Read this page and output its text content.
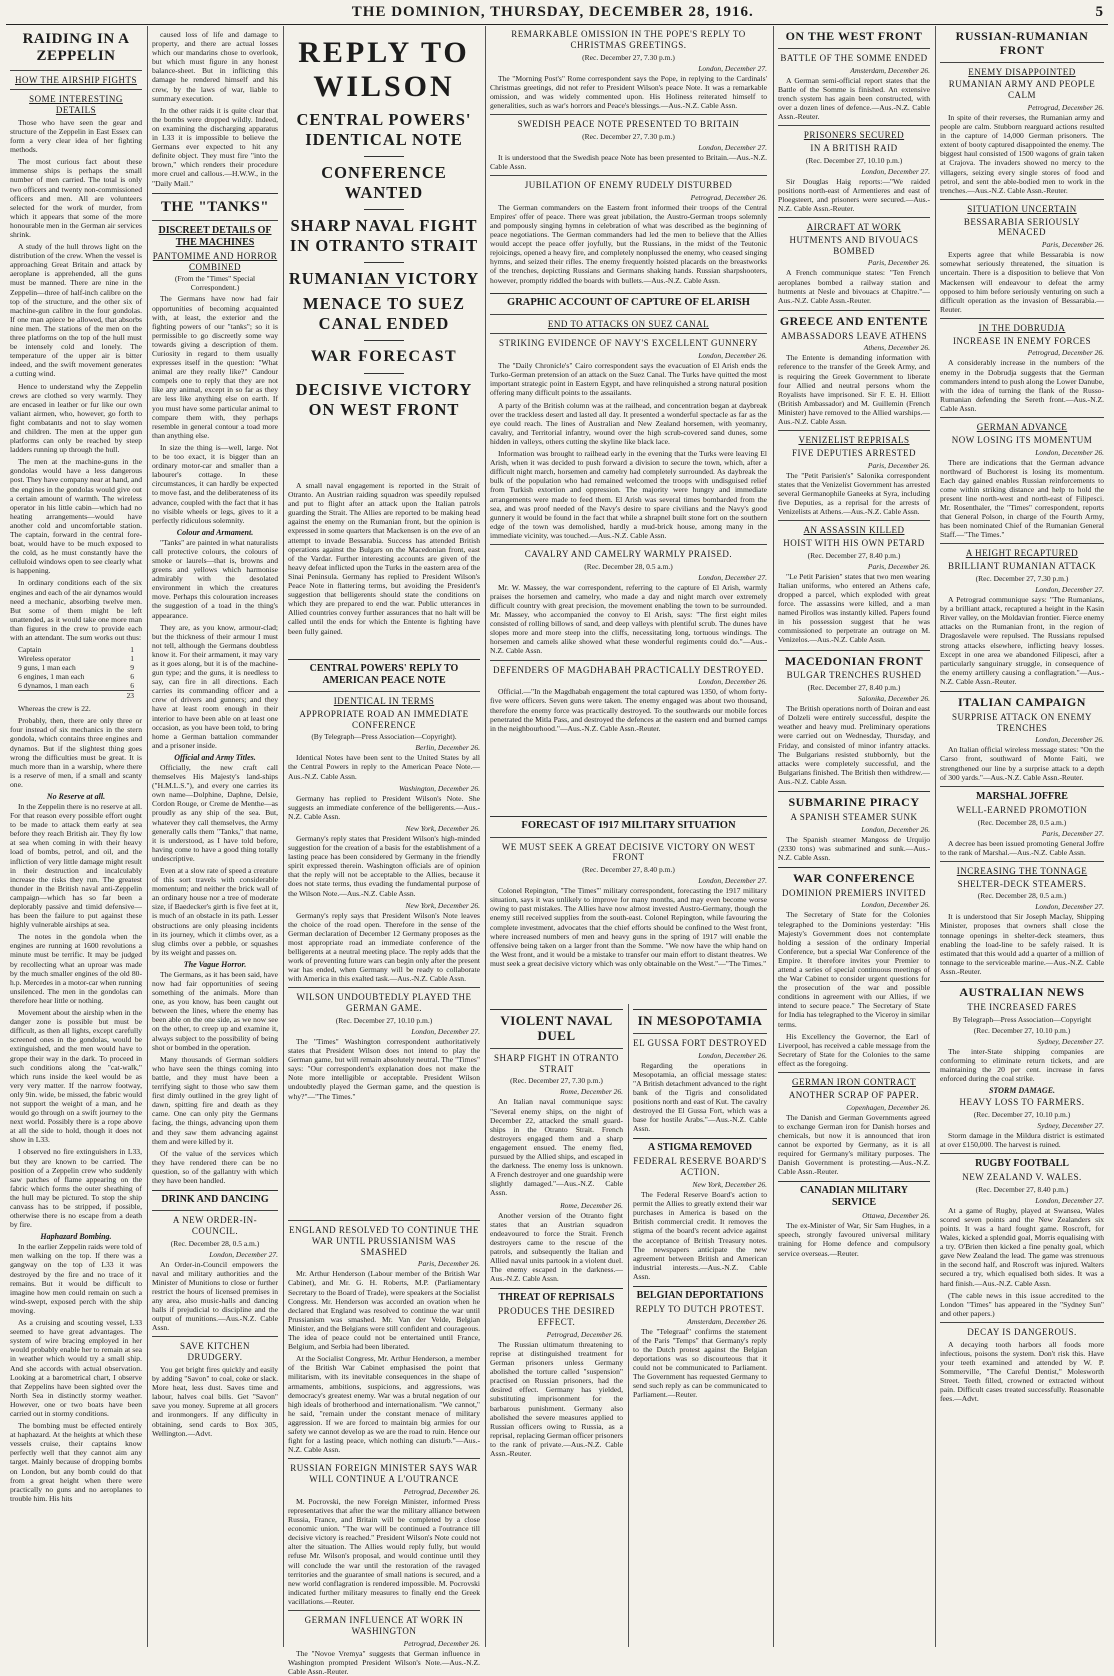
THE DOMINION, THURSDAY, DECEMBER 28, 1916.	5
RAIDING IN A ZEPPELIN
HOW THE AIRSHIP FIGHTS
SOME INTERESTING DETAILS

Those who have seen the gear and structure of the Zeppelin in East Essex can form a very clear idea of her fighting methods.

The most curious fact about these immense ships is perhaps the small number of men carried. The total is only two officers and twenty non-commissioned officers and men. All are volunteers selected for the work of murder, from which it appears that some of the more honourable men in the German air services shrink.

A study of the hull throws light on the distribution of the crew. When the vessel is approaching Great Britain and attack by aeroplane is apprehended, all the guns must be manned. There are nine in the Zeppelin—three of half-inch calibre on the top of the structure, and the other six of machine-gun calibre in the four gondolas. If one man apiece be allowed, that absorbs nine men. The stations of the men on the three platforms on the top of the hull must be intensely cold and lonely. The temperature of the upper air is bitter indeed, and the swift movement generates a cutting wind.

Hence to understand why the Zeppelin crews are clothed so very warmly. They are encased in leather or fur like our own valiant airmen, who, however, go forth to fight combatants and not to slay women and children. The men at the upper gun platforms can only be reached by steep ladders running up through the hull.

The men at the machine-guns in the gondolas would have a less dangerous post. They have company near at hand, and the engines in the gondolas would give out a certain amount of warmth. The wireless operator in his little cabin—which had no heating arrangements—would have another cold and uncomfortable station. The captain, forward in the central fore-boat, would have to be much exposed to the cold, as he must constantly have the celluloid windows open to see clearly what is happening.

In ordinary conditions each of the six engines and each of the air dynamos would need a mechanic, absorbing twelve men. But some of them might be left unattended, as it would take one more man than figures in the crew to provide each with an attendant. The sum works out thus:

Captain	1
Wireless operator	1
9 guns, 1 man each	9
6 engines, 1 man each	6
6 dynamos, 1 man each	6
23

Whereas the crew is 22.

Probably, then, there are only three or four instead of six mechanics in the stern gondola, which contains three engines and dynamos. But if the slightest thing goes wrong the difficulties must be great. It is much more than in a warship, where there is a reserve of men, if a small and scanty one.

No Reserve at all.

In the Zeppelin there is no reserve at all. For that reason every possible effort ought to be made to attack them early at sea before they reach British air. They fly low at sea when coming in with their heavy load of bombs, petrol, and oil, and the infliction of very little damage might result in their destruction and incalculably increase the risks they run. The greatest thunder in the British naval anti-Zeppelin campaign—which has so far been a deplorably passive and timid defensive—has been the failure to put against these highly vulnerable airships at sea.

The notes in the gondola when the engines are running at 1600 revolutions a minute must be terrific. It may be judged by recollecting what an uproar was made by the much smaller engines of the old 80-h.p. Mercedes in a motor-car when running unsilenced. The men in the gondolas can therefore hear little or nothing.

Movement about the airship when in the danger zone is possible but must be difficult, as then all lights, except carefully screened ones in the gondolas, would be extinguished, and the men would have to grope their way in the dark. To proceed in such conditions along the "cat-walk," which runs inside the keel would be as very very matter. If the narrow footway, only 9in. wide, be missed, the fabric would not support the weight of a man, and he would go through on a swift journey to the next world. Possibly there is a rope above at all the side to hold, though it does not show in L33.

I observed no fire extinguishers in L33, but they are known to be carried. The position of a Zeppelin crew who suddenly saw patches of flame appearing on the fabric which forms the outer sheathing of the hull may be pictured. To stop the ship canvass has to be stripped, if possible, otherwise there is no escape from a death by fire.

Haphazard Bombing.

In the earlier Zeppelin raids were told of men walking on the top. If there was a gangway on the top of L33 it was destroyed by the fire and no trace of it remains. But it would be difficult to imagine how men could remain on such a wind-swept, exposed perch with the ship moving.

As a cruising and scouting vessel, L33 seemed to have great advantages. The system of wire bracing employed in her would probably enable her to remain at sea in weather which would try a small ship. And she accords with actual observation. Looking at a barometrical chart, I observe that Zeppelins have been sighted over the North Sea in distinctly stormy weather. However, one or two boats have been carried out in stormy conditions.

The bombing must be effected entirely at haphazard. At the heights at which these vessels cruise, their captains know perfectly well that they cannot aim any target. Mainly because of dropping bombs on London, but any bomb could do that from a great height when there were practically no guns and no aeroplanes to trouble him. His hits

caused loss of life and damage to property, and there are actual losses which our mandarins chose to overlook, but which must figure in any honest balance-sheet. But in inflicting this damage he rendered himself and his crew, by the laws of war, liable to summary execution.

In the other raids it is quite clear that the bombs were dropped wildly. Indeed, on examining the discharging apparatus in L33 it is impossible to believe the Germans ever expected to hit any definite object. They must fire "into the brown," which renders their procedure more cruel and callous.—H.W.W., in the "Daily Mail."

THE "TANKS"
DISCREET DETAILS OF THE MACHINES
PANTOMIME AND HORROR COMBINED
(From the "Times" Special Correspondent.)

The Germans have now had fair opportunities of becoming acquainted with, at least, the exterior and the fighting powers of our "tanks"; so it is permissible to go discreetly some way towards giving a description of them. Curiosity in regard to them usually expresses itself in the question: "What animal are they really like?" Candour compels one to reply that they are not like any animal, except in so far as they are less like anything else on earth. If you must have some particular animal to compare them with, they perhaps resemble in general contour a toad more than anything else.

In size the thing is—well, large. Not to be too exact, it is bigger than an ordinary motor-car and smaller than a labourer's cottage. In these circumstances, it can hardly be expected to move fast, and the deliberateness of its advance, coupled with the fact that it has no visible wheels or legs, gives to it a perfectly ridiculous solemnity.

Colour and Armament.

"Tanks" are painted in what naturalists call protective colours, the colours of smoke or laurels—that is, browns and greens and yellows which harmonise admirably with the desolated environment in which the creatures move. Perhaps this colouration increases the suggestion of a toad in the thing's appearance.

They are, as you know, armour-clad; but the thickness of their armour I must not tell, although the Germans doubtless know it. For their armament, it may vary as it goes along, but it is of the machine-gun type; and the guns, it is needless to say, can fire in all directions. Each carries its commanding officer and a crew of drivers and gunners; and they have at least room enough in their interior to have been able on at least one occasion, as you have been told, to bring home a German battalion commander and a prisoner inside.

Official and Army Titles.

Officially, the new craft call themselves His Majesty's land-ships ("H.M.L.S."), and every one carries its own name—Dolphine, Daphne, Delsie, Cordon Rouge, or Creme de Menthe—as proudly as any ship of the sea. But, whatever they call themselves, the Army generally calls them "Tanks," that name, it is understood, as I have told before, having come to have a good thing totally undescriptive.

Even at a slow rate of speed a creature of this sort travels with considerable momentum; and neither the brick wall of an ordinary house nor a tree of moderate size, if Baedecker's girth is five feet at it, is much of an obstacle in its path. Lesser obstructions are only pleasing incidents in its journey, which it climbs over, as a slug climbs over a pebble, or squashes by its weight and passes on.

The Vague Horror.

The Germans, as it has been said, have now had fair opportunities of seeing something of the animals. More than one, as you know, has been caught out between the lines, where the enemy has been able on the one side, as we now see on the other, to creep up and examine it, always subject to the possibility of being shot or bombed in the operation.

Many thousands of German soldiers who have seen the things coming into battle, and they must have been a terrifying sight to those who saw them first dimly outlined in the grey light of dawn, spitting fire and death as they came. One can only pity the Germans facing, the things, advancing upon them and they saw them advancing against them and were killed by it.

Of the value of the services which they have rendered there can be no question, so of the gallantry with which they have been handled.

DRINK AND DANCING
A NEW ORDER-IN-COUNCIL.
(Rec. December 28, 0.5 a.m.)
London, December 27.

An Order-in-Council empowers the naval and military authorities and the Minister of Munitions to close or further restrict the hours of licensed premises in any area, also music-halls and dancing halls if prejudicial to discipline and the output of munitions.—Aus.-N.Z. Cable Assn.

SAVE KITCHEN DRUDGERY.

You get bright fires quickly and easily by adding "Savon" to coal, coke or slack. More heat, less dust. Saves time and labour, halves coal bills. Get "Savon" save you money. Supreme at all grocers and ironmongers. If any difficulty in obtaining, send cards to Box 305, Wellington.—Advt.

REPLY TO WILSON
CENTRAL POWERS' IDENTICAL NOTE
CONFERENCE WANTED
SHARP NAVAL FIGHT IN OTRANTO STRAIT
RUMANIAN VICTORY
MENACE TO SUEZ CANAL ENDED
WAR FORECAST
DECISIVE VICTORY ON WEST FRONT
REMARKABLE OMISSION IN THE POPE'S REPLY TO CHRISTMAS GREETINGS.
(Rec. December 27, 7.30 p.m.)
London, December 27.

The "Morning Post's" Rome correspondent says the Pope, in replying to the Cardinals' Christmas greetings, did not refer to President Wilson's peace Note. It was a remarkable omission, and was widely commented upon. His Holiness reiterated himself to generalities, such as war's horrors and Peace's blessings.—Aus.-N.Z. Cable Assn.

SWEDISH PEACE NOTE PRESENTED TO BRITAIN
(Rec. December 27, 7.30 p.m.)
London, December 27.

It is understood that the Swedish peace Note has been presented to Britain.—Aus.-N.Z. Cable Assn.

JUBILATION OF ENEMY RUDELY DISTURBED
Petrograd, December 26.

The German commanders on the Eastern front informed their troops of the Central Empires' offer of peace. There was great jubilation, the Austro-German troops solemnly and pompously singing hymns in celebration of what was described as the beginning of peace negotiations. The German commanders had led the men to believe that the Allies would accept the peace offer joyfully, but the Russians, in the midst of the Teutonic rejoicings, opened a heavy fire, and completely nonplussed the enemy, who ceased singing hymns, and seized their rifles. The enemy frequently hoisted placards on the breastworks of the trenches, depicting Russians and Germans shaking hands. Russian sharpshooters, however, promptly riddled the boards with bullets.—Aus.-N.Z. Cable Assn.

GRAPHIC ACCOUNT OF CAPTURE OF EL ARISH
END TO ATTACKS ON SUEZ CANAL
STRIKING EVIDENCE OF NAVY'S EXCELLENT GUNNERY
London, December 26.

The "Daily Chronicle's" Cairo correspondent says the evacuation of El Arish ends the Turko-German pretension of an attack on the Suez Canal. The Turks have quitted the most important strategic point in Eastern Egypt, and have relinquished a strong natural position offering many difficult points to the assailants.

A party of the British column was at the railhead, and concentration began at daybreak over the trackless desert and lasted all day. It presented a wonderful spectacle as far as the eye could reach. The lines of Australian and New Zealand horsemen, with yeomanry, cavalry, and Territorial infantry, wound over the high scrub-covered sand dunes, some hidden in valleys, others cutting the skyline like black lace.

Information was brought to railhead early in the evening that the Turks were leaving El Arish, when it was decided to push forward a division to secure the town, which, after a difficult night march, horsemen and camelry had completely surrounded. As daybreak the bulk of the population who had remained welcomed the troops with undisguised relief from Turkish extortion and oppression. The majority were hungry and immediate arrangements were made to feed them. El Arish was several times bombarded from the sea, and was proof needed of the Navy's desire to spare civilians and the Navy's good gunnery it would be found in the fact that while a shrapnel built stone fort on the southern edge of the town was demolished, hardly a mud-brick house, among many in the immediate vicinity, was touched.—Aus.-N.Z. Cable Assn.

CAVALRY AND CAMELRY WARMLY PRAISED.
(Rec. December 28, 0.5 a.m.)
London, December 27.

Mr. W. Massey, the war correspondent, referring to the capture of El Arish, warmly praises the horsemen and camelry, who made a day and night march over extremely difficult country with great precision, the movement enabling the town to be surrounded. Mr. Massey, who accompanied the convoy to El Arish, says: "The first eight miles consisted of rolling billows of sand, and deep valleys with plentiful scrub. The dunes have slopes more and more steep into the cliffs, necessitating long, tortuous windings. The horsemen and camels alike showed what these wonderful regiments could do."—Aus.-N.Z. Cable Assn.

DEFENDERS OF MAGDHABAH PRACTICALLY DESTROYED.
London, December 26.

Official.—"In the Magdhabah engagement the total captured was 1350, of whom forty-five were officers. Seven guns were taken. The enemy engaged was about two thousand, therefore the enemy force was practically destroyed. To the southwards our mobile forces penetrated the Mitla Pass, and destroyed the defences at the eastern end and burned camps in the neighbourhood."—Aus.-N.Z. Cable Assn.-Reuter.

FORECAST OF 1917 MILITARY SITUATION
WE MUST SEEK A GREAT DECISIVE VICTORY ON WEST FRONT
(Rec. December 27, 8.40 p.m.)
London, December 27.

Colonel Repington, "The Times'" military correspondent, forecasting the 1917 military situation, says it was unlikely to improve for many months, and may even become worse owing to past mistakes. The Allies have now almost invested Austro-Germany, though the enemy still received supplies from the south-east. Colonel Repington, while favouring the complete investment, advocates that the chief efforts should be confined to the West front, where increased numbers of men and heavy guns in the spring of 1917 will enable the offensive being taken on a larger front than the Somme. "We now have the whip hand on the West front, and it would be a mistake to transfer our main effort to distant theatres. We must seek a great decisive victory which was only obtainable on the West."—"The Times."

A small naval engagement is reported in the Strait of Otranto. An Austrian raiding squadron was speedily repulsed and put to flight after an attack upon the Italian patrols guarding the Strait. The Allies are reported to be making head against the enemy on the Rumanian front, but the opinion is expressed in some quarters that Mackensen is on the eve of an attempt to invade Bessarabia. Success has attended British operations against the Bulgars on the Macedonian front, east of the Vardar. Further interesting accounts are given of the heavy defeat inflicted upon the Turks in the eastern area of the Sinai Peninsula. Germany has replied to President Wilson's Peace Note in flattering terms, but avoiding the President's suggestion that belligerents should state the conditions on which they are prepared to end the war. Public utterances in Allied countries convey further assurances that no halt will be called until the ends for which the Entente is fighting have been fully gained.

CENTRAL POWERS' REPLY TO AMERICAN PEACE NOTE
IDENTICAL IN TERMS
APPROPRIATE ROAD AN IMMEDIATE CONFERENCE
(By Telegraph—Press Association—Copyright).
Berlin, December 26.

Identical Notes have been sent to the United States by all the Central Powers in reply to the American Peace Note.—Aus.-N.Z. Cable Assn.

Washington, December 26.

Germany has replied to President Wilson's Note. She suggests an immediate conference of the belligerents.—Aus.-N.Z. Cable Assn.

New York, December 26.

Germany's reply states that President Wilson's high-minded suggestion for the creation of a basis for the establishment of a lasting peace has been considered by Germany in the friendly spirit expressed therein. Washington officials are of opinion that the reply will not be acceptable to the Allies, because it does not state terms, thus evading the fundamental purpose of the Wilson Note.—Aus.-N.Z. Cable Assn.

New York, December 26.

Germany's reply says that President Wilson's Note leaves the choice of the road open. Therefore in the sense of the German declaration of December 12 Germany proposes as the most appropriate road an immediate conference of the belligerents at a neutral meeting place. The reply adds that the work of preventing future wars can begin only after the present war has ended, when Germany will be ready to collaborate with America in this exalted task.—Aus.-N.Z. Cable Assn.

WILSON UNDOUBTEDLY PLAYED THE GERMAN GAME.
(Rec. December 27, 10.10 p.m.)
London, December 27.

The "Times" Washington correspondent authoritatively states that President Wilson does not intend to play the German game, but will remain absolutely neutral. The "Times" says: "Our correspondent's explanation does not make the Note more intelligible or acceptable. President Wilson undoubtedly played the German game, and the question is why?"—"The Times."

ENGLAND RESOLVED TO CONTINUE THE WAR UNTIL PRUSSIANISM WAS SMASHED
Paris, December 26.

Mr. Arthur Henderson (Labour member of the British War Cabinet), and Mr. G. H. Roberts, M.P. (Parliamentary Secretary to the Board of Trade), were speakers at the Socialist Congress. Mr. Henderson was accorded an ovation when he declared that England was resolved to continue the war until Prussianism was smashed. Mr. Van der Velde, Belgian Minister, and the Belgians were still confident and courageous. The idea of peace could not be entertained until France, Belgium, and Serbia had been liberated.

At the Socialist Congress, Mr. Arthur Henderson, a member of the British War Cabinet emphasised the point that militarism, with its inevitable consequences in the shape of armaments, ambitions, suspicions, and aggressions, was democracy's greatest enemy. War was a brutal negation of our high ideals of brotherhood and internationalism. "We cannot," he said, "remain under the constant menace of military aggression. If we are forced to maintain big armies for our safety we cannot develop as we are the road to ruin. Hence our fight for a lasting peace, which nothing can disturb."—Aus.-N.Z. Cable Assn.

RUSSIAN FOREIGN MINISTER SAYS WAR WILL CONTINUE A L'OUTRANCE
Petrograd, December 26.

M. Pocrovski, the new Foreign Minister, informed Press representatives that after the war the military alliance between Russia, France, and Britain will be completed by a close economic union. "The war will be continued a l'outrance till decisive victory is reached." President Wilson's Note could not alter the situation. The Allies would reply fully, but would refuse Mr. Wilson's proposal, and would continue until they will conclude the war until the restoration of the ravaged territories and the guarantee of small nations is secured, and a new world conflagration is rendered impossible. M. Pocrovski indicated further military measures to finally end the Greek vacillations.—Reuter.

GERMAN INFLUENCE AT WORK IN WASHINGTON
Petrograd, December 26.

The "Novoe Vremya" suggests that German influence in Washington prompted President Wilson's Note.—Aus.-N.Z. Cable Assn.-Reuter.

VIOLENT NAVAL DUEL
SHARP FIGHT IN OTRANTO STRAIT
(Rec. December 27, 7.30 p.m.)
Rome, December 26.

An Italian naval communique says: "Several enemy ships, on the night of December 22, attacked the small guard-ships in the Otranto Strait. French destroyers engaged them and a sharp engagement ensued. The enemy fled, pursued by the Allied ships, and escaped in the darkness. The enemy loss is unknown. A French destroyer and one guardship were slightly damaged."—Aus.-N.Z. Cable Assn.

Rome, December 26.

Another version of the Otranto fight states that an Austrian squadron endeavoured to force the Strait. French destroyers came to the rescue of the patrols, and subsequently the Italian and Allied naval units partook in a violent duel. The enemy escaped in the darkness.—Aus.-N.Z. Cable Assn.

THREAT OF REPRISALS
PRODUCES THE DESIRED EFFECT.
Petrograd, December 26.

The Russian ultimatum threatening to reprise at distinguished treatment for German prisoners unless Germany abolished the torture called "suspension" practised on Russian prisoners, had the desired effect. Germany has yielded, substituting imprisonment for the barbarous punishment. Germany also abolished the severe measures applied to Russian officers owing to Russia, as a reprisal, replacing German officer prisoners to the rank of private.—Aus.-N.Z. Cable Assn.-Reuter.

IN MESOPOTAMIA
EL GUSSA FORT DESTROYED
London, December 26.

Regarding the operations in Mesopotamia, an official message states: "A British detachment advanced to the right bank of the Tigris and consolidated positions north and east of Kut. The cavalry destroyed the El Gussa Fort, which was a base for hostile Arabs."—Aus.-N.Z. Cable Assn.

A STIGMA REMOVED
FEDERAL RESERVE BOARD'S ACTION.
New York, December 26.

The Federal Reserve Board's action to permit the Allies to greatly extend their war purchases in America is based on the British commercial credit. It removes the stigma of the board's recent advice against the acceptance of British Treasury notes. The newspapers anticipate the new agreement between British and American industrial interests.—Aus.-N.Z. Cable Assn.

BELGIAN DEPORTATIONS
REPLY TO DUTCH PROTEST.
Amsterdam, December 26.

The "Telegraaf" confirms the statement of the Paris "Temps" that Germany's reply to the Dutch protest against the Belgian deportations was so discourteous that it could not be communicated to Parliament. The Government has requested Germany to send such reply as can be communicated to Parliament.—Reuter.

ON THE WEST FRONT
BATTLE OF THE SOMME ENDED
Amsterdam, December 26.

A German semi-official report states that the Battle of the Somme is finished. An extensive trench system has again been constructed, with over a dozen lines of defence.—Aus.-N.Z. Cable Assn.-Reuter.

PRISONERS SECURED
IN A BRITISH RAID
(Rec. December 27, 10.10 p.m.)
London, December 27.

Sir Douglas Haig reports:—"We raided positions north-east of Armentieres and east of Ploegsteert, and prisoners were secured.—Aus.-N.Z. Cable Assn.-Reuter.

AIRCRAFT AT WORK
HUTMENTS AND BIVOUACS BOMBED
Paris, December 26.

A French communique states: "Ten French aeroplanes bombed a railway station and hutments at Nesle and bivouacs at Chapitre."—Aus.-N.Z. Cable Assn.-Reuter.

GREECE AND ENTENTE
AMBASSADORS LEAVE ATHENS
Athens, December 26.

The Entente is demanding information with reference to the transfer of the Greek Army, and is requiring the Greek Government to liberate four Allied and neutral persons whom the Royalists have imprisoned. Sir F. E. H. Elliott (British Ambassador) and M. Guillemin (French Minister) have removed to the Allied warships.—Aus.-N.Z. Cable Assn.

VENIZELIST REPRISALS
FIVE DEPUTIES ARRESTED
Paris, December 26.

The "Petit Parisien's" Salonika correspondent states that the Venizelist Government has arrested several Germanophile Ganeeks at Syra, including five Deputies, as a reprisal for the arrests of Venizelists at Athens.—Aus.-N.Z. Cable Assn.

AN ASSASSIN KILLED
HOIST WITH HIS OWN PETARD
(Rec. December 27, 8.40 p.m.)
Paris, December 26.

"Le Petit Parisien" states that two men wearing Italian uniforms, who entered an Athens cafe, dropped a parcel, which exploded with great force. The assassins were killed, and a man named Pirollos was instantly killed. Papers found in his possession suggest that he was commissioned to perpetrate an outrage on M. Venizelos.—Aus.-N.Z. Cable Assn.

MACEDONIAN FRONT
BULGAR TRENCHES RUSHED
(Rec. December 27, 8.40 p.m.)
Salonika, December 26.

The British operations north of Doiran and east of Dolzeli were entirely successful, despite the weather and heavy mud. Preliminary operations were carried out on Wednesday, Thursday, and Friday, and consisted of minor infantry attacks. The Bulgarians resisted stubbornly, but the attacks were completely successful, and the Bulgarians finished. The British then withdrew.—Aus.-N.Z. Cable Assn.

SUBMARINE PIRACY
A SPANISH STEAMER SUNK
London, December 26.

The Spanish steamer Mangoss de Urquijo (2330 tons) was submarined and sunk.—Aus.-N.Z. Cable Assn.

WAR CONFERENCE
DOMINION PREMIERS INVITED
London, December 26.

The Secretary of State for the Colonies telegraphed to the Dominions yesterday: "His Majesty's Government does not contemplate holding a session of the ordinary Imperial Conference, but a special War Conference of the Empire. It therefore invites your Premier to attend a series of special continuous meetings of the War Cabinet to consider urgent questions for the prosecution of the war and possible conditions in agreement with our Allies, if we intend to secure peace." The Secretary of State for India has telegraphed to the Viceroy in similar terms.

His Excellency the Governor, the Earl of Liverpool, has received a cable message from the Secretary of State for the Colonies to the same effect as the foregoing.

GERMAN IRON CONTRACT
ANOTHER SCRAP OF PAPER.
Copenhagen, December 26.

The Danish and German Governments agreed to exchange German iron for Danish horses and chemicals, but now it is announced that iron cannot be exported by Germany, as it is all required for Germany's military purposes. The Danish Government is protesting.—Aus.-N.Z. Cable Assn.-Reuter.

CANADIAN MILITARY SERVICE
Ottawa, December 26.

The ex-Minister of War, Sir Sam Hughes, in a speech, strongly favoured universal military training for Home defence and compulsory service overseas.—Reuter.

RUSSIAN-RUMANIAN FRONT
ENEMY DISAPPOINTED
RUMANIAN ARMY AND PEOPLE CALM
Petrograd, December 26.

In spite of their reverses, the Rumanian army and people are calm. Stubborn rearguard actions resulted in the capture of 14,000 German prisoners. The extent of booty captured disappointed the enemy. The biggest haul consisted of 1500 wagons of grain taken at Crajova. The invaders showed no mercy to the villagers, seizing every single stores of food and petrol, and sent the able-bodied men to work in the trenches.—Aus.-N.Z. Cable Assn.-Reuter.

SITUATION UNCERTAIN
BESSARABIA SERIOUSLY MENACED
Paris, December 26.

Experts agree that while Bessarabia is now somewhat seriously threatened, the situation is uncertain. There is a disposition to believe that Von Mackensen will endeavour to defeat the army opposed to him before seriously venturing on such a difficult operation as the invasion of Bessarabia.—Reuter.

IN THE DOBRUDJA
INCREASE IN ENEMY FORCES
Petrograd, December 26.

A considerably increase in the numbers of the enemy in the Dobrudja suggests that the German commanders intend to push along the Lower Danube, with the idea of turning the flank of the Russo-Rumanian defending the Sereth front.—Aus.-N.Z. Cable Assn.

GERMAN ADVANCE
NOW LOSING ITS MOMENTUM
London, December 26.

There are indications that the German advance northward of Buchorest is losing its momentum. Each day gained enables Russian reinforcements to come within striking distance and help to hold the present line north-west and north-east of Filipesci. Mr. Rosenthaler, the "Times" correspondent, reports that General Polson, in charge of the Fourth Army, has been nominated Chief of the Rumanian General Staff.—"The Times."

A HEIGHT RECAPTURED
BRILLIANT RUMANIAN ATTACK
(Rec. December 27, 7.30 p.m.)
London, December 27.

A Petrograd communique says: "The Rumanians, by a brilliant attack, recaptured a height in the Kasin River valley, on the Moldavian frontier. Fierce enemy attacks on the Rumanian front, in the region of Dragoslavele were repulsed. The Russians repulsed strong attacks elsewhere, inflicting heavy losses. Except in one area we abandoned Filipesci, after a particularly sanguinary struggle, in consequence of the enemy artillery causing a conflagration."—Aus.-N.Z. Cable Assn.-Reuter.

ITALIAN CAMPAIGN
SURPRISE ATTACK ON ENEMY TRENCHES
London, December 26.

An Italian official wireless message states: "On the Carso front, southward of Monte Faiti, we strengthened our line by a surprise attack to a depth of 300 yards."—Aus.-N.Z. Cable Assn.-Reuter.

MARSHAL JOFFRE
WELL-EARNED PROMOTION
(Rec. December 28, 0.5 a.m.)
Paris, December 27.

A decree has been issued promoting General Joffre to the rank of Marshal.—Aus.-N.Z. Cable Assn.

INCREASING THE TONNAGE
SHELTER-DECK STEAMERS.
(Rec. December 28, 0.5 a.m.)
London, December 27.

It is understood that Sir Joseph Maclay, Shipping Minister, proposes that owners shall close the tonnage openings in shelter-deck steamers, thus enabling the load-line to be safely raised. It is estimated that this would add a quarter of a million of tonnage to the serviceable marine.—Aus.-N.Z. Cable Assn.-Reuter.

AUSTRALIAN NEWS
THE INCREASED FARES
By Telegraph—Press Association—Copyright
(Rec. December 27, 10.10 p.m.)
Sydney, December 27.

The inter-State shipping companies are conforming to eliminate return tickets, and are maintaining the 20 per cent. increase in fares enforced during the coal strike.

STORM DAMAGE.
HEAVY LOSS TO FARMERS.
(Rec. December 27, 10.10 p.m.)
Sydney, December 27.

Storm damage in the Mildura district is estimated at over £150,000. The harvest is ruined.

RUGBY FOOTBALL
NEW ZEALAND V. WALES.
(Rec. December 27, 8.40 p.m.)
London, December 27.

At a game of Rugby, played at Swansea, Wales scored seven points and the New Zealanders six points. It was a hard fought game. Roscroft, for Wales, kicked a splendid goal, Morris equalising with a try. O'Brien then kicked a fine penalty goal, which gave New Zealand the lead. The game was strenuous in the second half, and Roscroft was injured. Walters secured a try, which equalised both sides. It was a hard finish.—Aus.-N.Z. Cable Assn.

(The cable news in this issue accredited to the London "Times" has appeared in the "Sydney Sun" and other papers.)

DECAY IS DANGEROUS.

A decaying tooth harbors all foods more infectious, poisons the system. Don't risk this. Have your teeth examined and attended by W. P. Sommerville, "The Careful Dentist," Molesworth Street. Teeth filled, crowned or extracted without pain. Difficult cases treated successfully. Reasonable fees.—Advt.
